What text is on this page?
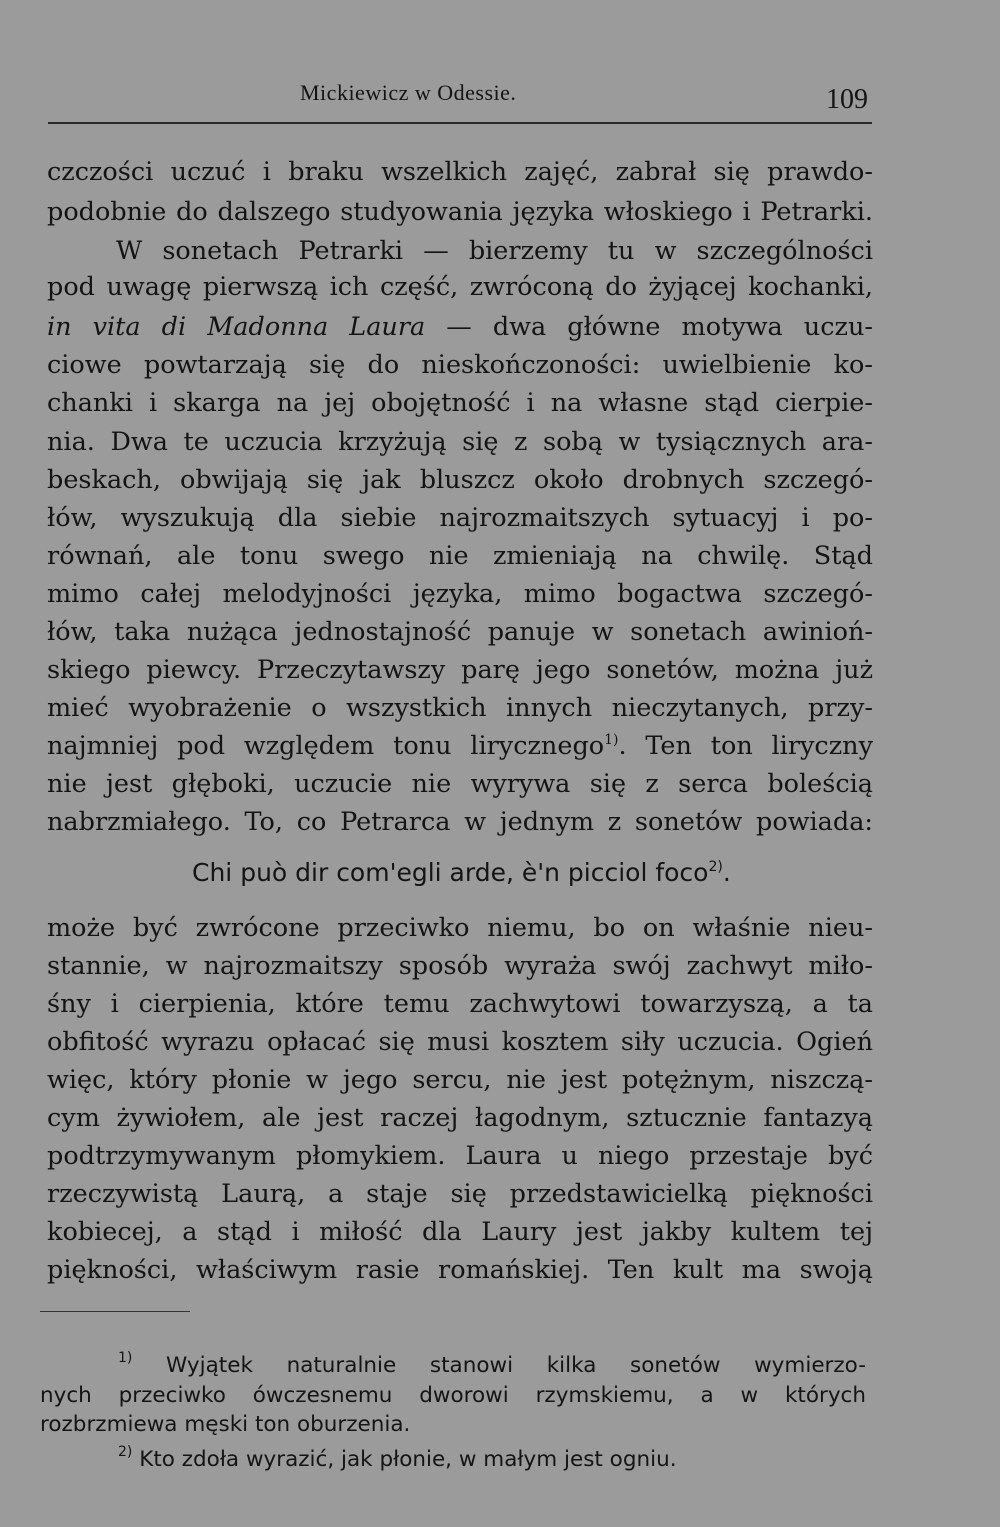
Mickiewicz w Odessie.	109
czczości uczuć i braku wszelkich zajęć, zabrał się prawdo-
podobnie do dalszego studyowania języka włoskiego i Petrarki.
W sonetach Petrarki — bierzemy tu w szczególności
pod uwagę pierwszą ich część, zwróconą do żyjącej kochanki,
in vita di Madonna Laura — dwa główne motywa uczu-
ciowe powtarzają się do nieskończoności: uwielbienie ko-
chanki i skarga na jej obojętność i na własne stąd cierpie-
nia. Dwa te uczucia krzyżują się z sobą w tysiącznych ara-
beskach, obwijają się jak bluszcz około drobnych szczegó-
łów, wyszukują dla siebie najrozmaitszych sytuacyj i po-
równań, ale tonu swego nie zmieniają na chwilę. Stąd
mimo całej melodyjności języka, mimo bogactwa szczegó-
łów, taka nużąca jednostajność panuje w sonetach awinioń-
skiego piewcy. Przeczytawszy parę jego sonetów, można już
mieć wyobrażenie o wszystkich innych nieczytanych, przy-
najmniej pod względem tonu lirycznego$^{1)}$. Ten ton liryczny
nie jest głęboki, uczucie nie wyrywa się z serca boleścią
nabrzmiałego. To, co Petrarca w jednym z sonetów powiada:
Chi può dir com'egli arde, è'n picciol foco$^{2)}$.
może być zwrócone przeciwko niemu, bo on właśnie nieu-
stannie, w najrozmaitszy sposób wyraża swój zachwyt miło-
śny i cierpienia, które temu zachwytowi towarzyszą, a ta
obfitość wyrazu opłacać się musi kosztem siły uczucia. Ogień
więc, który płonie w jego sercu, nie jest potężnym, niszczą-
cym żywiołem, ale jest raczej łagodnym, sztucznie fantazyą
podtrzymywanym płomykiem. Laura u niego przestaje być
rzeczywistą Laurą, a staje się przedstawicielką piękności
kobiecej, a stąd i miłość dla Laury jest jakby kultem tej
piękności, właściwym rasie romańskiej. Ten kult ma swoją
$^{1)}$ Wyjątek naturalnie stanowi kilka sonetów wymierzo-
nych przeciwko ówczesnemu dworowi rzymskiemu, a w których
rozbrzmiewa męski ton oburzenia.
$^{2)}$ Kto zdoła wyrazić, jak płonie, w małym jest ogniu.
